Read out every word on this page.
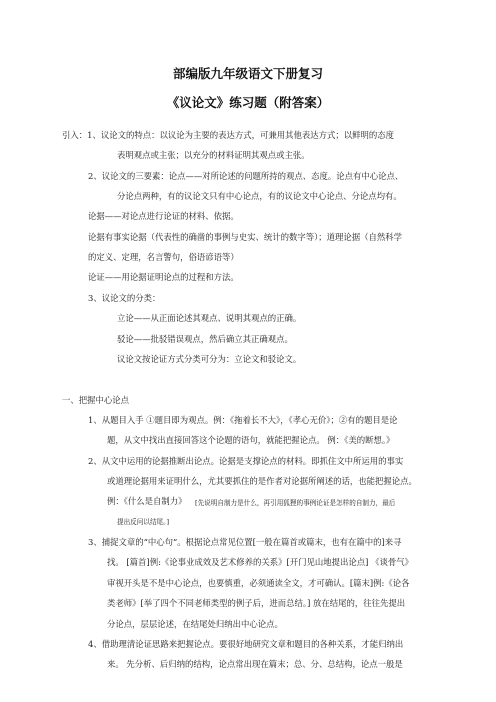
部编版九年级语文下册复习
《议论文》练习题（附答案）
引入：1、议论文的特点：以议论为主要的表达方式，可兼用其他表达方式；以鲜明的态度
表明观点或主张；以充分的材料证明其观点或主张。
2、议论文的三要素：论点——对所论述的问题所持的观点、态度。论点有中心论点、
分论点两种，有的议论文只有中心论点，有的议论文中心论点、分论点均有。
论据——对论点进行论证的材料、依据。
论据有事实论据（代表性的确凿的事例与史实、统计的数字等）；道理论据（自然科学
的定义、定理，名言警句，俗语谚语等）
论证——用论据证明论点的过程和方法。
3、议论文的分类：
立论——从正面论述其观点、说明其观点的正确。
驳论——批驳错误观点，然后确立其正确观点。
议论文按论证方式分类可分为：立论文和驳论文。
一、把握中心论点
1、从题目入手 ①题目即为观点。例：《拖着长不大》，《孝心无价》；②有的题目是论
题，从文中找出直接回答这个论题的语句，就能把握论点。 例：《美的断想。》
2、从文中运用的论据推断出论点。论据是支撑论点的材料。即抓住文中所运用的事实
或道理论据用来证明什么，尤其要抓住的是作者对论据所阐述的话，也能把握论点。
例：《什么是自制力》 [先说明自制力是什么，再引用狐狸的事例论证是怎样的自制力，最后
提出反问以结尾。]
3、捕捉文章的“中心句”。根据论点常见位置[一般在篇首或篇末，也有在篇中的]来寻
找。 [篇首]例:《论事业成效及艺术修养的关系》[开门见山地提出论点] 《谈骨气》
审视开头是不是中心论点，也要慎重，必须通读全文，才可确认。[篇末]例:《论各
类老师》[举了四个不同老师类型的例子后，进而总结。] 放在结尾的，往往先提出
分论点，层层论述，在结尾处归纳出中心论点。
4、借助理清论证思路来把握论点。要很好地研究文章和题目的各种关系，才能归纳出
来。 先分析、后归纳的结构，论点常出现在篇末；总、分、总结构，论点一般是
